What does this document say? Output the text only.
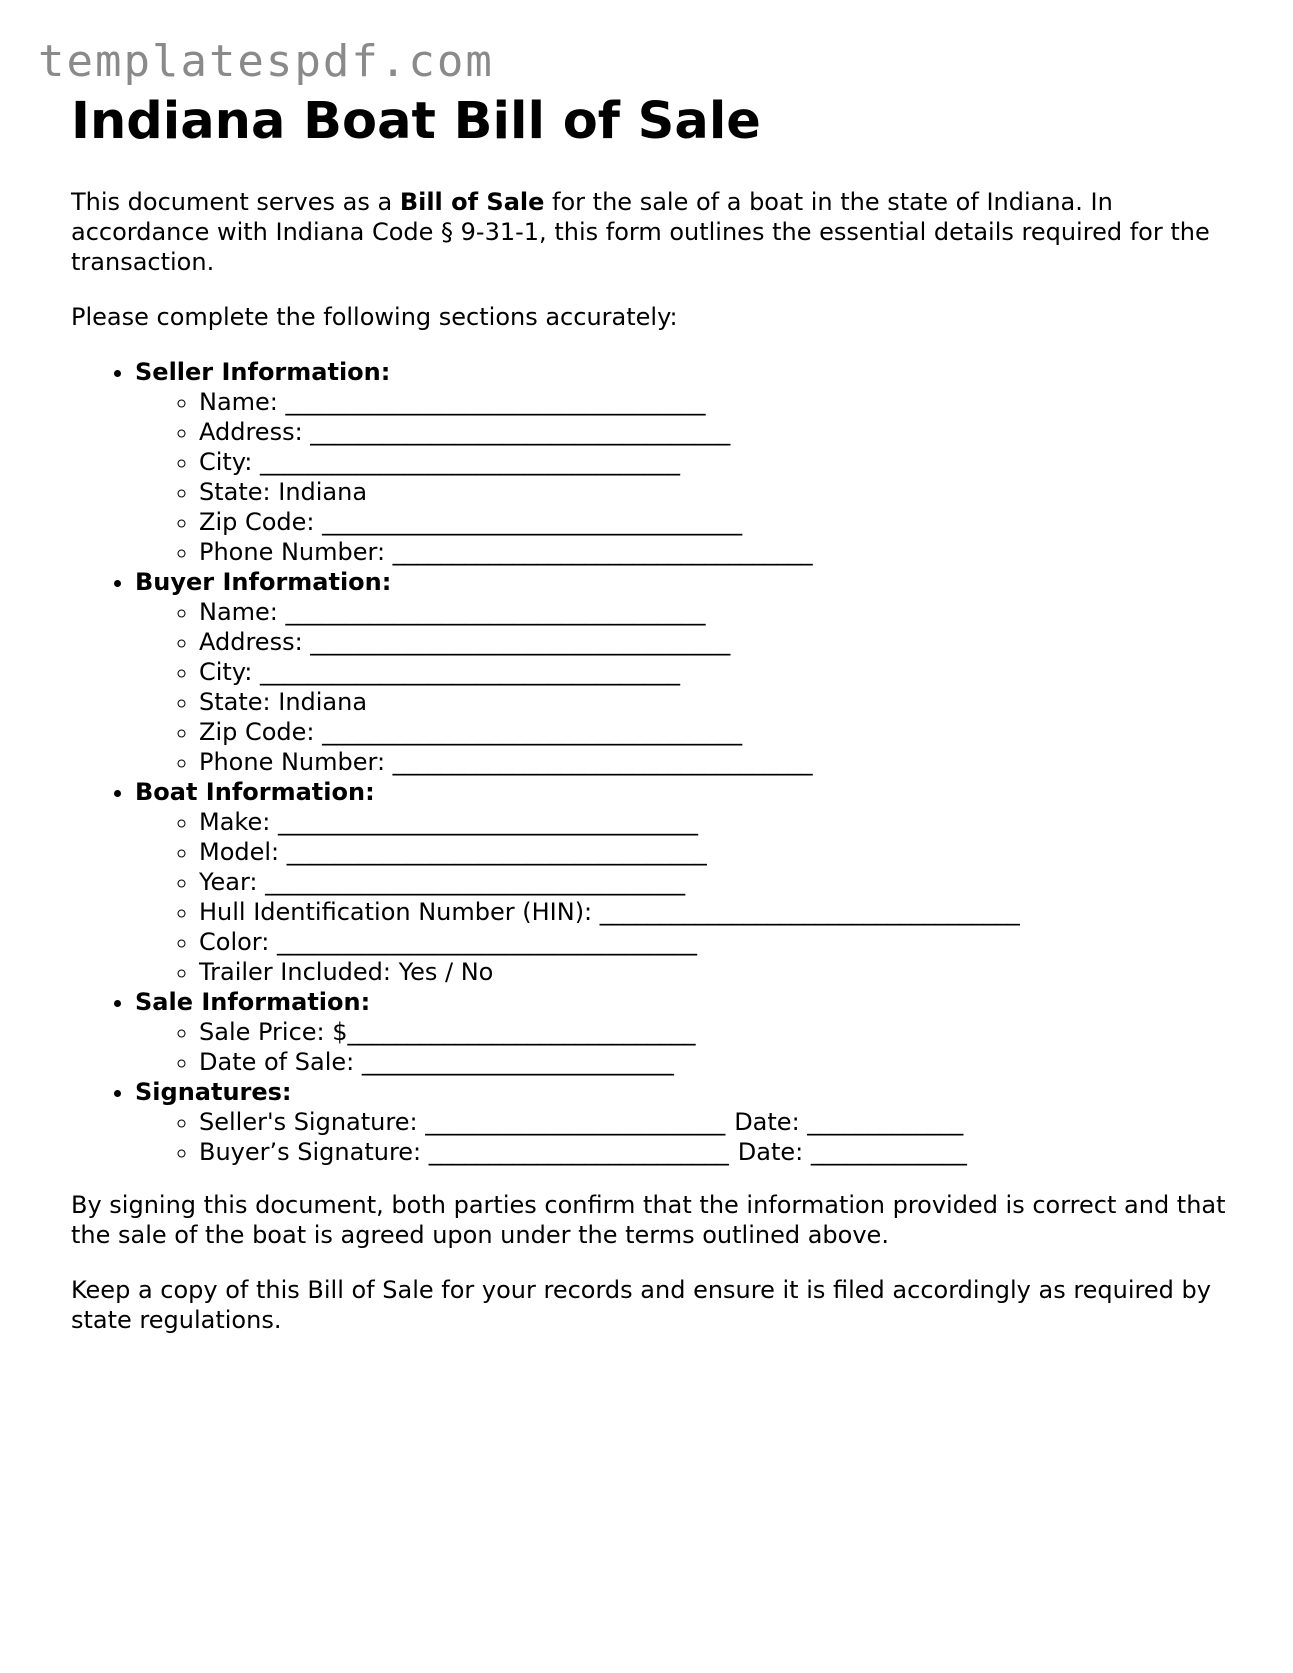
templatespdf.com
Indiana Boat Bill of Sale

This document serves as a Bill of Sale for the sale of a boat in the state of Indiana. In accordance with Indiana Code § 9-31-1, this form outlines the essential details required for the transaction.

Please complete the following sections accurately:

• Seller Information:
◦ Name: ___________________________________
◦ Address: ___________________________________
◦ City: ___________________________________
◦ State: Indiana
◦ Zip Code: ___________________________________
◦ Phone Number: ___________________________________
• Buyer Information:
◦ Name: ___________________________________
◦ Address: ___________________________________
◦ City: ___________________________________
◦ State: Indiana
◦ Zip Code: ___________________________________
◦ Phone Number: ___________________________________
• Boat Information:
◦ Make: ___________________________________
◦ Model: ___________________________________
◦ Year: ___________________________________
◦ Hull Identification Number (HIN): ___________________________________
◦ Color: ___________________________________
◦ Trailer Included: Yes / No
• Sale Information:
◦ Sale Price: $_____________________________
◦ Date of Sale: __________________________
• Signatures:
◦ Seller's Signature: _________________________ Date: _____________
◦ Buyer’s Signature: _________________________ Date: _____________

By signing this document, both parties confirm that the information provided is correct and that the sale of the boat is agreed upon under the terms outlined above.

Keep a copy of this Bill of Sale for your records and ensure it is filed accordingly as required by state regulations.
